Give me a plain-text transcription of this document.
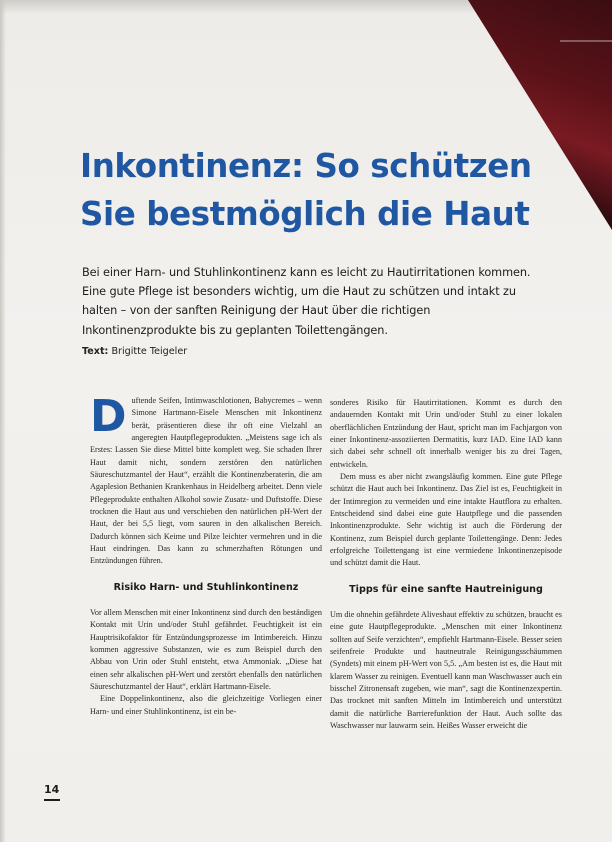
Inkontinenz: So schützen
Sie bestmöglich die Haut

Bei einer Harn- und Stuhlinkontinenz kann es leicht zu Hautirritationen kommen. Eine gute Pflege ist besonders wichtig, um die Haut zu schützen und intakt zu halten – von der sanften Reinigung der Haut über die richtigen Inkontinenzprodukte bis zu geplanten Toilettengängen.

Text: Brigitte Teigeler

Duftende Seifen, Intimwaschlotionen, Babycremes – wenn Simone Hartmann-Eisele Menschen mit Inkontinenz berät, präsentieren diese ihr oft eine Vielzahl an angeregten Hautpflegeprodukten. „Meistens sage ich als Erstes: Lassen Sie diese Mittel bitte komplett weg. Sie schaden Ihrer Haut damit nicht, sondern zerstören den natürlichen Säureschutzmantel der Haut“, erzählt die Kontinenzberaterin, die am Agaplesion Bethanien Krankenhaus in Heidelberg arbeitet. Denn viele Pflegeprodukte enthalten Alkohol sowie Zusatz- und Duftstoffe. Diese trocknen die Haut aus und verschieben den natürlichen pH-Wert der Haut, der bei 5,5 liegt, vom sauren in den alkalischen Bereich. Dadurch können sich Keime und Pilze leichter vermehren und in die Haut eindringen. Das kann zu schmerzhaften Rötungen und Entzündungen führen.

Risiko Harn- und Stuhlinkontinenz

Vor allem Menschen mit einer Inkontinenz sind durch den beständigen Kontakt mit Urin und/oder Stuhl gefährdet. Feuchtigkeit ist ein Hauptrisikofaktor für Entzündungsprozesse im Intimbereich. Hinzu kommen aggressive Substanzen, wie es zum Beispiel durch den Abbau von Urin oder Stuhl entsteht, etwa Ammoniak. „Diese hat einen sehr alkalischen pH-Wert und zerstört ebenfalls den natürlichen Säureschutzmantel der Haut“, erklärt Hartmann-Eisele.

Eine Doppelinkontinenz, also die gleichzeitige Vorliegen einer Harn- und einer Stuhlinkontinenz, ist ein be-

sonderes Risiko für Hautirritationen. Kommt es durch den andauernden Kontakt mit Urin und/oder Stuhl zu einer lokalen oberflächlichen Entzündung der Haut, spricht man im Fachjargon von einer Inkontinenz-assoziierten Dermatitis, kurz IAD. Eine IAD kann sich dabei sehr schnell oft innerhalb weniger bis zu drei Tagen, entwickeln.

Dem muss es aber nicht zwangsläufig kommen. Eine gute Pflege schützt die Haut auch bei Inkontinenz. Das Ziel ist es, Feuchtigkeit in der Intimregion zu vermeiden und eine intakte Hautflora zu erhalten. Entscheidend sind dabei eine gute Hautpflege und die passenden Inkontinenzprodukte. Sehr wichtig ist auch die Förderung der Kontinenz, zum Beispiel durch geplante Toilettengänge. Denn: Jedes erfolgreiche Toilettengang ist eine vermiedene Inkontinenzepisode und schützt damit die Haut.

Tipps für eine sanfte Hautreinigung

Um die ohnehin gefährdete Aliveshaut effektiv zu schützen, braucht es eine gute Hautpflegeprodukte. „Menschen mit einer Inkontinenz sollten auf Seife verzichten“, empfiehlt Hartmann-Eisele. Besser seien seifenfreie Produkte und hautneutrale Reinigungsschäummen (Syndets) mit einem pH-Wert von 5,5. „Am besten ist es, die Haut mit klarem Wasser zu reinigen. Eventuell kann man Waschwasser auch ein bisschel Zitronensaft zugeben, wie man“, sagt die Kontinenzexpertin. Das trocknet mit sanften Mitteln im Intimbereich und unterstützt damit die natürliche Barrierefunktion der Haut. Auch sollte das Waschwasser nur lauwarm sein. Heißes Wasser erweicht die

14
